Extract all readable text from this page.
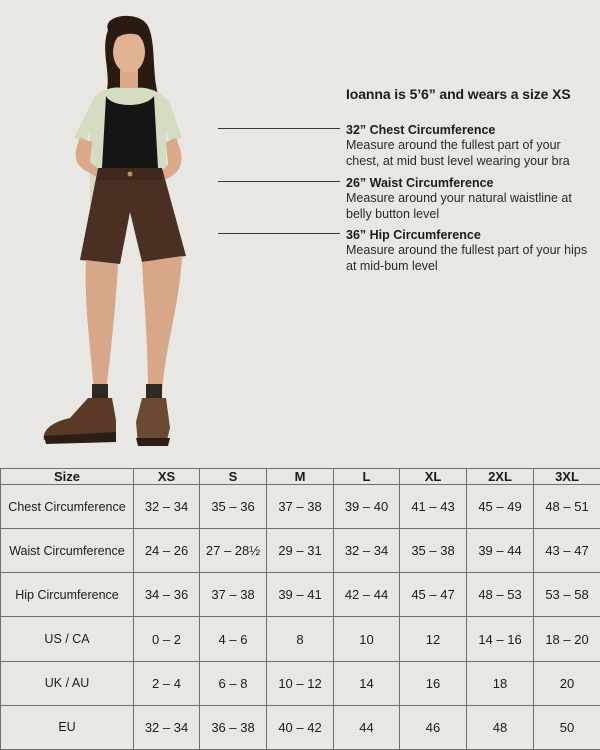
Ioanna is 5’6” and wears a size XS
32” Chest Circumference
Measure around the fullest part of your
chest, at mid bust level wearing your bra
26” Waist Circumference
Measure around your natural waistline at
belly button level
36” Hip Circumference
Measure around the fullest part of your hips
at mid-bum level
Size	XS	S	M	L	XL	2XL	3XL
Chest Circumference	32 – 34	35 – 36	37 – 38	39 – 40	41 – 43	45 – 49	48 – 51
Waist Circumference	24 – 26	27 – 28½	29 – 31	32 – 34	35 – 38	39 – 44	43 – 47
Hip Circumference	34 – 36	37 – 38	39 – 41	42 – 44	45 – 47	48 – 53	53 – 58
US / CA	0 – 2	4 – 6	8	10	12	14 – 16	18 – 20
UK / AU	2 – 4	6 – 8	10 – 12	14	16	18	20
EU	32 – 34	36 – 38	40 – 42	44	46	48	50
